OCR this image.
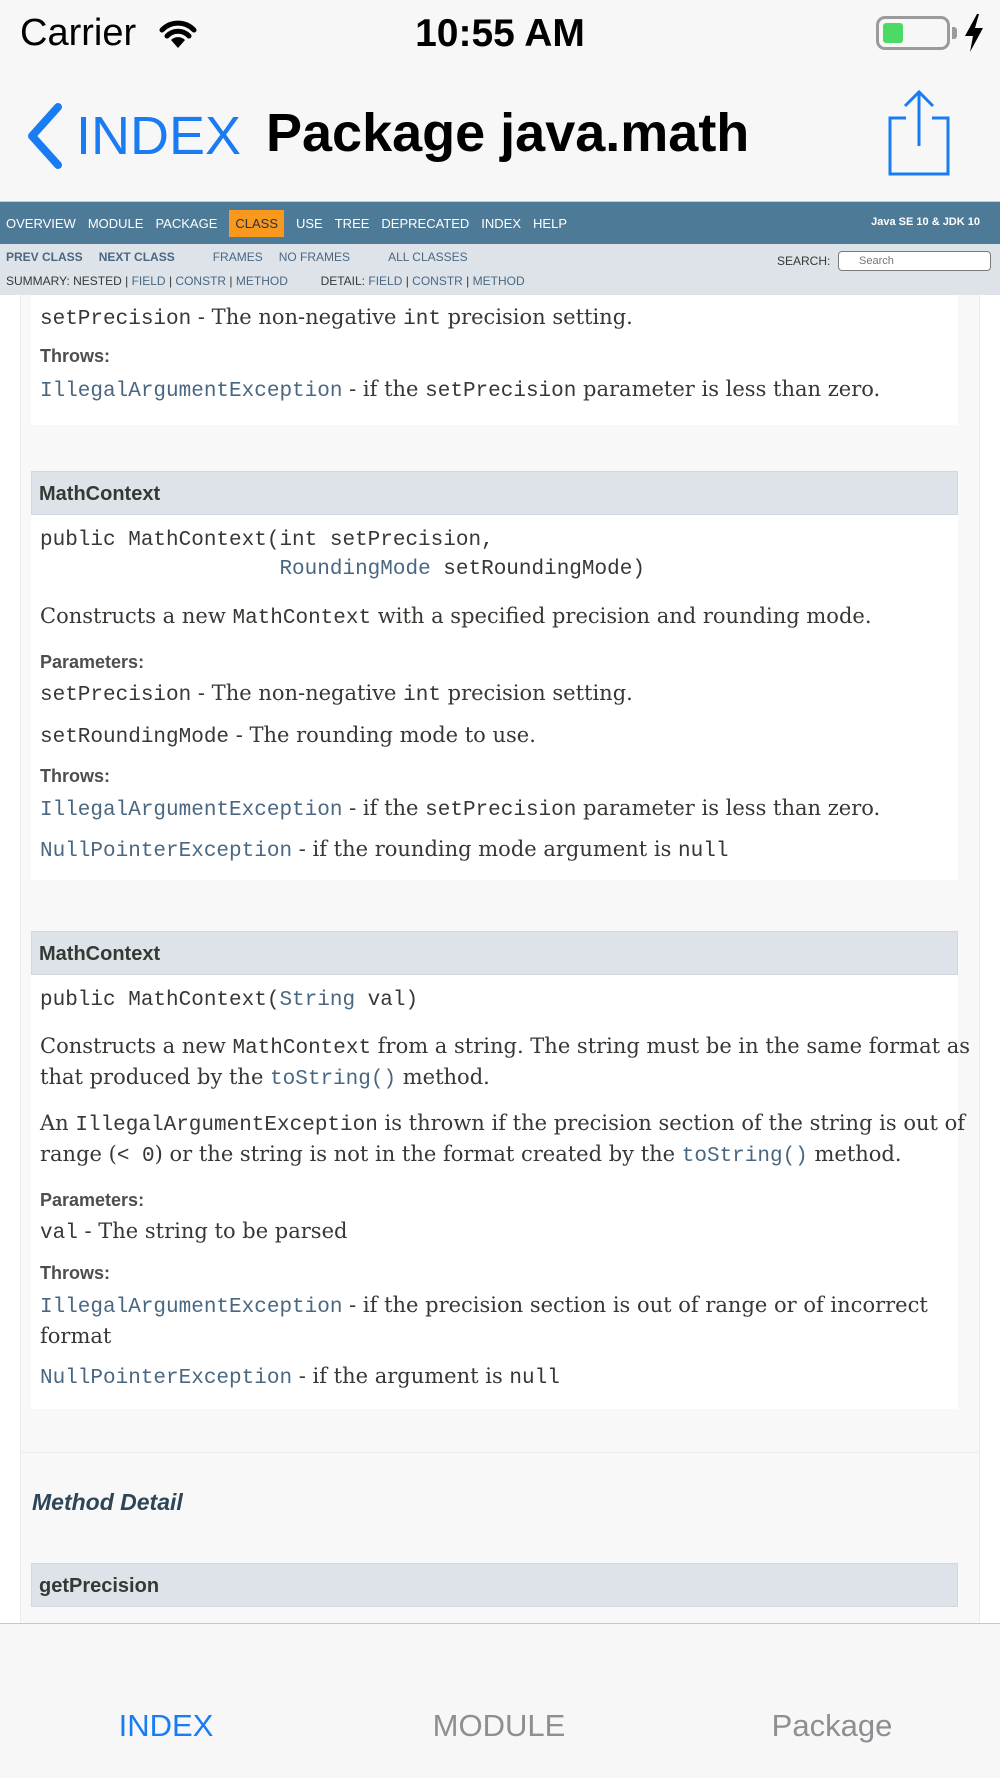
Carrier	10:55 AM
INDEX Package java.math
OVERVIEW MODULE PACKAGE	CLASS	USE TREE DEPRECATED INDEX HELP	Java SE 10 & JDK 10
PREV CLASS NEXT CLASS	FRAMES NO FRAMES	ALL CLASSES
SUMMARY: NESTED | FIELD | CONSTR | METHOD	DETAIL: FIELD | CONSTR | METHOD
SEARCH:
Search
setPrecision - The non-negative int precision setting.
Throws:
IllegalArgumentException - if the setPrecision parameter is less than zero.
MathContext
public MathContext(int setPrecision,
RoundingMode setRoundingMode)
Constructs a new MathContext with a specified precision and rounding mode.
Parameters:
setPrecision - The non-negative int precision setting.
setRoundingMode - The rounding mode to use.
Throws:
IllegalArgumentException - if the setPrecision parameter is less than zero.
NullPointerException - if the rounding mode argument is null
MathContext
public MathContext(String val)
Constructs a new MathContext from a string. The string must be in the same format as
that produced by the toString() method.
An IllegalArgumentException is thrown if the precision section of the string is out of
range (< 0) or the string is not in the format created by the toString() method.
Parameters:
val - The string to be parsed
Throws:
IllegalArgumentException - if the precision section is out of range or of incorrect
format
NullPointerException - if the argument is null
Method Detail
getPrecision
INDEX	MODULE	Package
